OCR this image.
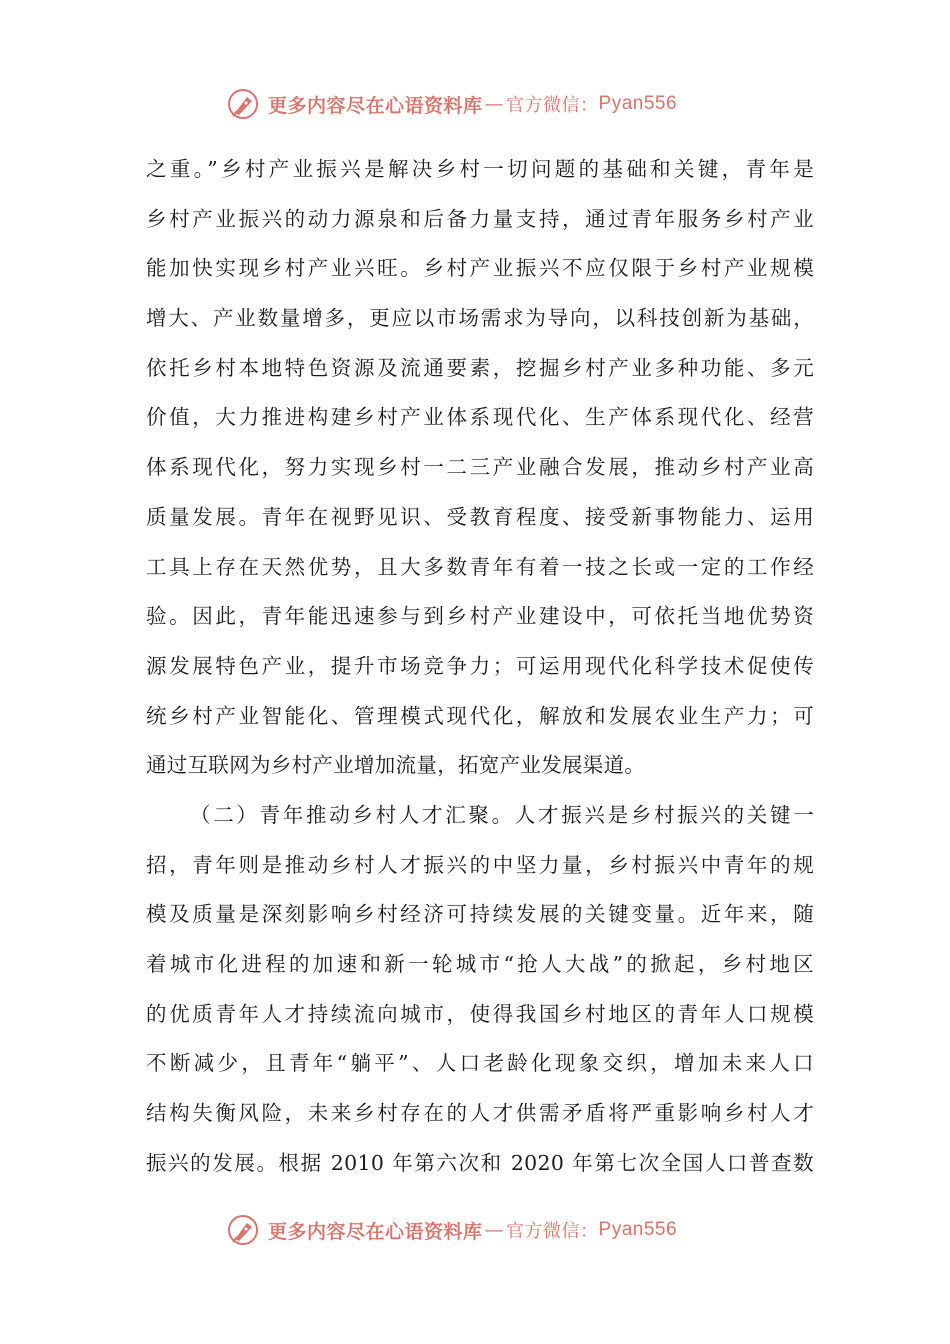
更多内容尽在心语资料库 — 官方微信： Pyan556
之重。”乡村产业振兴是解决乡村一切问题的基础和关键，青年是
乡村产业振兴的动力源泉和后备力量支持，通过青年服务乡村产业
能加快实现乡村产业兴旺。乡村产业振兴不应仅限于乡村产业规模
增大、产业数量增多，更应以市场需求为导向，以科技创新为基础，
依托乡村本地特色资源及流通要素，挖掘乡村产业多种功能、多元
价值，大力推进构建乡村产业体系现代化、生产体系现代化、经营
体系现代化，努力实现乡村一二三产业融合发展，推动乡村产业高
质量发展。青年在视野见识、受教育程度、接受新事物能力、运用
工具上存在天然优势，且大多数青年有着一技之长或一定的工作经
验。因此，青年能迅速参与到乡村产业建设中，可依托当地优势资
源发展特色产业，提升市场竞争力；可运用现代化科学技术促使传
统乡村产业智能化、管理模式现代化，解放和发展农业生产力；可
通过互联网为乡村产业增加流量，拓宽产业发展渠道。
（二）青年推动乡村人才汇聚。人才振兴是乡村振兴的关键一
招，青年则是推动乡村人才振兴的中坚力量，乡村振兴中青年的规
模及质量是深刻影响乡村经济可持续发展的关键变量。近年来，随
着城市化进程的加速和新一轮城市“抢人大战”的掀起，乡村地区
的优质青年人才持续流向城市，使得我国乡村地区的青年人口规模
不断减少，且青年“躺平”、人口老龄化现象交织，增加未来人口
结构失衡风险，未来乡村存在的人才供需矛盾将严重影响乡村人才
振兴的发展。根据 2010 年第六次和 2020 年第七次全国人口普查数
更多内容尽在心语资料库 — 官方微信： Pyan556
